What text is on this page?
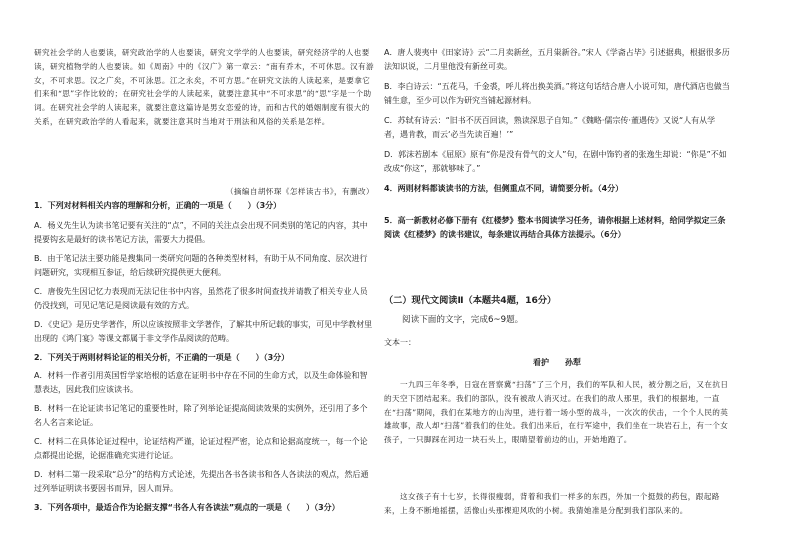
研究社会学的人也要读，研究政治学的人也要读，研究文学学的人也要读，研究经济学的人也要读，研究植物学的人也要读。如《周南》中的《汉广》第一章云：“南有乔木，不可休思。汉有游女，不可求思。汉之广矣，不可泳思。江之永矣，不可方思。”在研究文法的人读起来，是要拿它们来和“思”字作比较的；在研究社会学的人读起来，就要注意其中“不可求思”的“思”字是一个助词。在研究社会学的人读起来，就要注意这篇诗是男女恋爱的诗，而和古代的婚姻制度有很大的关系，在研究政治学的人看起来，就要注意其时当地对于刑法和风俗的关系是怎样。

（摘编自胡怀琛《怎样读古书》，有删改）

1．下列对材料相关内容的理解和分析，正确的一项是（　　）（3分）

A．杨义先生认为读书笔记要有关注的“点”，不同的关注点会出现不同类别的笔记的内容，其中提要钩玄是最好的读书笔记方法，需要大力提倡。

B．由于笔记法主要功能是搜集同一类研究问题的各种类型材料，有助于从不同角度、层次进行问题研究，实现相互参证，给后续研究提供更大便利。

C．唐俊先生因记忆力表现而无法记住书中内容，虽然花了很多时间查找并请教了相关专业人员仍没找到，可见记笔记是阅读最有效的方式。

D．《史记》是历史学著作，所以应该按照非文学著作，了解其中所记载的事实，可见中学教材里出现的《鸿门宴》等课文都属于非文学作品阅读的范畴。

2．下列关于两则材料论证的相关分析，不正确的一项是（　　）（3分）

A．材料一作者引用英国哲学家培根的话意在证明书中存在不同的生命方式，以及生命体验和智慧表达，因此我们应该读书。

B．材料一在论证读书记笔记的重要性时，除了列举论证提高阅读效果的实例外，还引用了多个名人名言来论证。

C．材料二在具体论证过程中，论证结构严谨，论证过程严密，论点和论据高度统一，每一个论点都提出论据，论据准确充实进行论证。

D．材料二第一段采取“总分”的结构方式论述，先提出各书各读书和各人各读法的观点，然后通过列举证明读书要因书而异，因人而异。

3．下列各项中，最适合作为论据支撑“书各人有各读法”观点的一项是（　　）（3分）

A．唐人裴夷中《田家诗》云“二月卖新丝，五月粜新谷。”宋人《学斋占毕》引述据典，根据很多历法知识说，二月里他没有新丝可卖。

B．李白诗云：“五花马，千金裘，呼儿将出换美酒。”将这句话结合唐人小说可知，唐代酒店也做当铺生意，至少可以作为研究当铺起源材料。

C．苏轼有诗云：“旧书不厌百回读，熟读深思子自知。”《魏略·儒宗传·董遇传》又说“人有从学者，遇肯教，而云‘必当先读百遍！’”

D．郭沫若剧本《屈原》原有“你是没有骨气的文人”句，在剧中饰钓者的张逸生却说：“你是”不如改成“你这”，那就够味了。”

4．两则材料都谈读书的方法，但侧重点不同，请简要分析。（4分）

5．高一新教材必修下册有《红楼梦》整本书阅读学习任务，请你根据上述材料，给同学拟定三条阅读《红楼梦》的读书建议，每条建议再结合具体方法提示。（6分）

（二）现代文阅读Ⅱ（本题共4题，16分）

阅读下面的文字，完成6~9题。

文本一：

看护　　孙犁

一九四三年冬季，日寇在晋察冀“扫荡”了三个月，我们的军队和人民，被分割之后，又在抗日的天空下团结起来。我们的部队，没有被敌人消灭过。在我们的敌人那里，我们的根据地，一直在“扫荡”期间，我们在某地方的山沟里，进行着一场小型的战斗，一次次的伏击，一个个人民的英雄故事，敌人却“扫荡”着我们的住处。我们出来后，在行军途中，我们坐在一块岩石上，有一个女孩子，一只脚踩在河边一块石头上，眼睛望着前边的山，开始地跑了。

这女孩子有十七岁，长得很瘦弱，背着和我们一样多的东西，外加一个挺鼓的药包，跟起路来，上身不断地摇摆，活像山头那棵迎风吹的小树。我猜她准是分配到我们部队来的。
